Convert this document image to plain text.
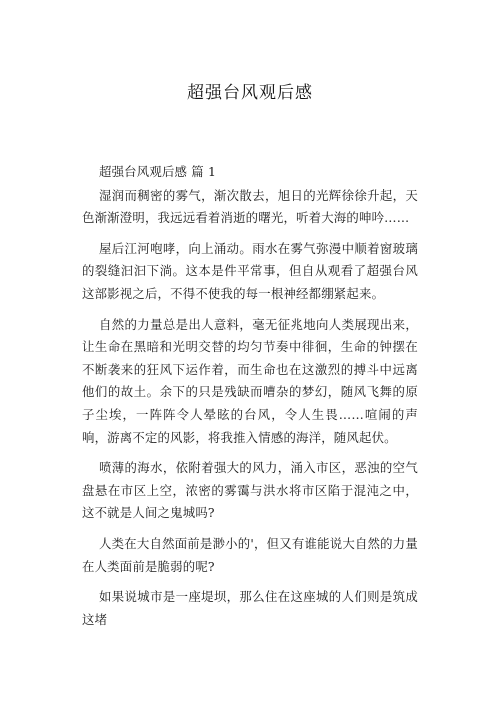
超强台风观后感
超强台风观后感 篇 1

湿润而稠密的雾气，渐次散去，旭日的光辉徐徐升起，天色渐渐澄明，我远远看着消逝的曙光，听着大海的呻吟……

屋后江河咆哮，向上涌动。雨水在雾气弥漫中顺着窗玻璃的裂缝汩汩下淌。这本是件平常事，但自从观看了超强台风这部影视之后，不得不使我的每一根神经都绷紧起来。

自然的力量总是出人意料，毫无征兆地向人类展现出来，让生命在黑暗和光明交替的均匀节奏中徘徊，生命的钟摆在不断袭来的狂风下运作着，而生命也在这激烈的搏斗中远离他们的故土。余下的只是残缺而嘈杂的梦幻，随风飞舞的原子尘埃，一阵阵令人晕眩的台风，令人生畏……喧闹的声响，游离不定的风影，将我推入情感的海洋，随风起伏。

喷薄的海水，依附着强大的风力，涌入市区，恶浊的空气盘悬在市区上空，浓密的雾霭与洪水将市区陷于混沌之中，这不就是人间之鬼城吗?

人类在大自然面前是渺小的'，但又有谁能说大自然的力量在人类面前是脆弱的呢?

如果说城市是一座堤坝，那么住在这座城的人们则是筑成这堵
